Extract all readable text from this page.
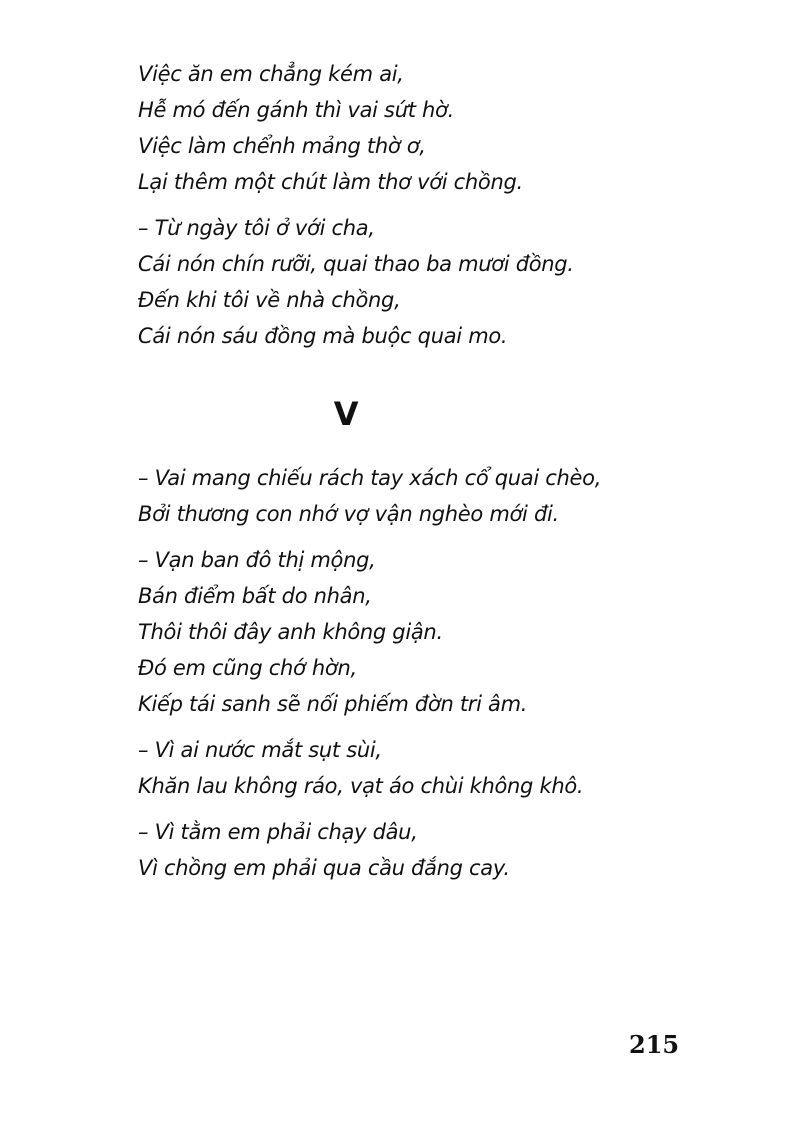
Việc ăn em chẳng kém ai,
Hễ mó đến gánh thì vai sứt hờ.
Việc làm chểnh mảng thờ ơ,
Lại thêm một chút làm thơ với chồng.
– Từ ngày tôi ở với cha,
Cái nón chín rưỡi, quai thao ba mươi đồng.
Đến khi tôi về nhà chồng,
Cái nón sáu đồng mà buộc quai mo.
V
– Vai mang chiếu rách tay xách cổ quai chèo,
Bởi thương con nhớ vợ vận nghèo mới đi.
– Vạn ban đô thị mộng,
Bán điểm bất do nhân,
Thôi thôi đây anh không giận.
Đó em cũng chớ hờn,
Kiếp tái sanh sẽ nối phiếm đờn tri âm.
– Vì ai nước mắt sụt sùi,
Khăn lau không ráo, vạt áo chùi không khô.
– Vì tằm em phải chạy dâu,
Vì chồng em phải qua cầu đắng cay.
215
